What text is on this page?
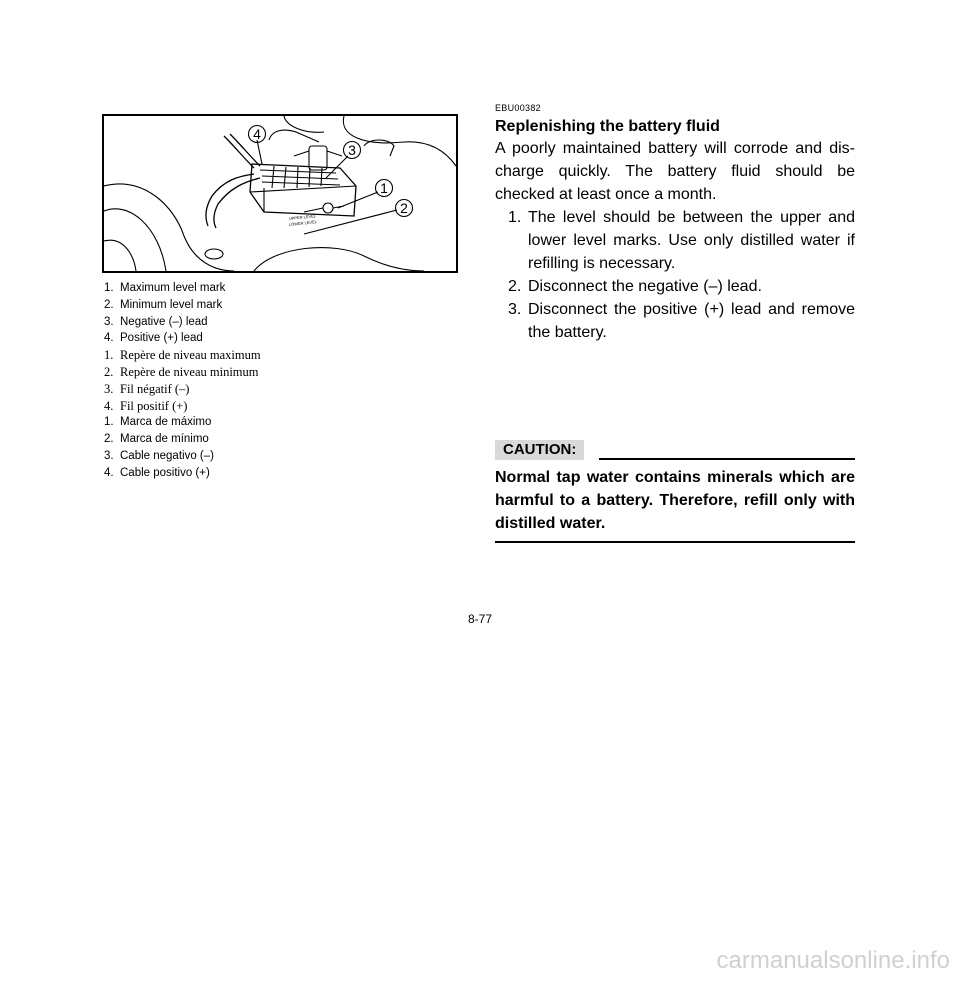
UPPER LEVEL
LOWER LEVEL
4
3
1
2
1. Maximum level mark
2. Minimum level mark
3. Negative (–) lead
4. Positive (+) lead
1. Repère de niveau maximum
2. Repère de niveau minimum
3. Fil négatif (–)
4. Fil positif (+)
1. Marca de máximo
2. Marca de mínimo
3. Cable negativo (–)
4. Cable positivo (+)
EBU00382
Replenishing the battery fluid
A poorly maintained battery will corrode and dis-charge quickly. The battery fluid should be checked at least once a month.
1. The level should be between the upper and lower level marks. Use only distilled water if refilling is necessary.
2. Disconnect the negative (–) lead.
3. Disconnect the positive (+) lead and remove the battery.
CAUTION:
Normal tap water contains minerals which are harmful to a battery. Therefore, refill only with distilled water.
8-77
carmanualsonline.info
